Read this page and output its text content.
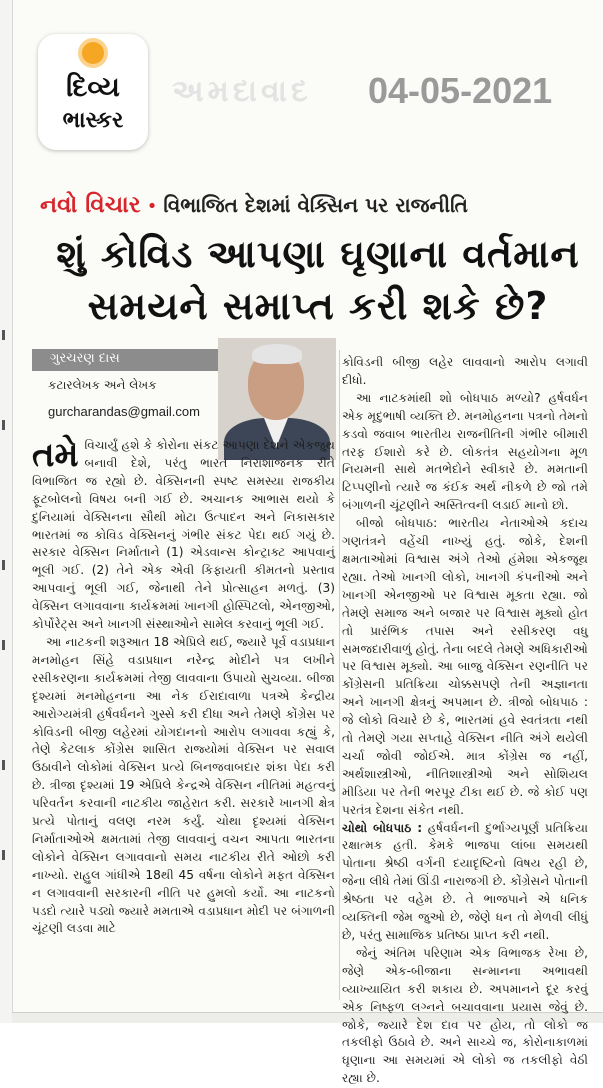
દિવ્ય
ભાસ્કર
અમદાવાદ 04-05-2021
નવો વિચાર • વિભાજિત દેશમાં વેક્સિન પર રાજનીતિ
શું કોવિડ આપણા ઘૃણાના વર્તમાન
સમયને સમાપ્ત કરી શકે છે?
ગુરચરણ દાસ
કટારલેખક અને લેખક
gurcharandas@gmail.com

તમે વિચાર્યું હશે કે કોરોના સંકટ આપણા દેશને એકજુથ બનાવી દેશે, પરંતુ ભારત નિરાશાજનક રીતે વિભાજિત જ રહ્યો છે. વેક્સિનની સ્પષ્ટ સમસ્યા રાજકીય ફૂટબોલનો વિષય બની ગઈ છે. અચાનક આભાસ થયો કે દુનિયામાં વેક્સિનના સૌથી મોટા ઉત્પાદન અને નિકાસકાર ભારતમાં જ કોવિડ વેક્સિનનું ગંભીર સંકટ પેદા થઈ ગયું છે. સરકાર વેક્સિન નિર્માતાને (1) એડવાન્સ કોન્ટ્રાક્ટ આપવાનું ભૂલી ગઈ. (2) તેને એક એવી કિફાયતી કીમતનો પ્રસ્તાવ આપવાનું ભૂલી ગઈ, જેનાથી તેને પ્રોત્સાહન મળતું. (3) વેક્સિન લગાવવાના કાર્યક્રમમાં ખાનગી હોસ્પિટલો, એનજીઓ, કોર્પોરેટ્સ અને ખાનગી સંસ્થાઓને સામેલ કરવાનું ભૂલી ગઈ.

આ નાટકની શરૂઆત 18 એપ્રિલે થઈ, જ્યારે પૂર્વ વડાપ્રધાન મનમોહન સિંહે વડાપ્રધાન નરેન્દ્ર મોદીને પત્ર લખીને રસીકરણના કાર્યક્રમમાં તેજી લાવવાના ઉપાયો સુચવ્યા. બીજા દૃશ્યમાં મનમોહનના આ નેક ઈરાદાવાળા પત્રએ કેન્દ્રીય આરોગ્યમંત્રી હર્ષવર્ધનને ગુસ્સે કરી દીધા અને તેમણે કોંગ્રેસ પર કોવિડની બીજી લહેરમાં યોગદાનનો આરોપ લગાવવા કહ્યું કે, તેણે કેટલાક કોંગ્રેસ શાસિત રાજ્યોમાં વેક્સિન પર સવાલ ઉઠાવીને લોકોમાં વેક્સિન પ્રત્યે બિનજવાબદાર શંકા પેદા કરી છે. ત્રીજા દૃશ્યમાં 19 એપ્રિલે કેન્દ્રએ વેક્સિન નીતિમાં મહત્વનું પરિવર્તન કરવાની નાટકીય જાહેરાત કરી. સરકારે ખાનગી ક્ષેત્ર પ્રત્યે પોતાનું વલણ નરમ કર્યું. ચોથા દૃશ્યમાં વેક્સિન નિર્માતાઓએ ક્ષમતામાં તેજી લાવવાનું વચન આપતા ભારતના લોકોને વેક્સિન લગાવવાનો સમય નાટકીય રીતે ઓછો કરી નાખ્યો. રાહુલ ગાંધીએ 18થી 45 વર્ષના લોકોને મફત વેક્સિન ન લગાવવાની સરકારની નીતિ પર હુમલો કર્યો. આ નાટકનો પડદો ત્યારે પડ્યો જ્યારે મમતાએ વડાપ્રધાન મોદી પર બંગાળની ચૂંટણી લડવા માટે

કોવિડની બીજી લહેર લાવવાનો આરોપ લગાવી દીધો.

આ નાટકમાંથી શો બોધપાઠ મળ્યો? હર્ષવર્ધન એક મૃદુભાષી વ્યક્તિ છે. મનમોહનના પત્રનો તેમનો કડવો જવાબ ભારતીય રાજનીતિની ગંભીર બીમારી તરફ ઈશારો કરે છે. લોકતંત્ર સહયોગના મૂળ નિયમની સાથે મતભેદોને સ્વીકારે છે. મમતાની ટિપ્પણીનો ત્યારે જ કંઈક અર્થ નીકળે છે જો તમે બંગાળની ચૂંટણીને અસ્તિત્વની લડાઈ માનો છો.

બીજો બોધપાઠ: ભારતીય નેતાઓએ કદાચ ગણતંત્રને વહેંચી નાખ્યું હતું. જોકે, દેશની ક્ષમતાઓમાં વિશ્વાસ અંગે તેઓ હંમેશા એકજૂથ રહ્યા. તેઓ ખાનગી લોકો, ખાનગી કંપનીઓ અને ખાનગી એનજીઓ પર વિશ્વાસ મૂકતા રહ્યા. જો તેમણે સમાજ અને બજાર પર વિશ્વાસ મૂક્યો હોત તો પ્રારંભિક તપાસ અને રસીકરણ વધુ સમજદારીવાળું હોતું. તેના બદલે તેમણે અધિકારીઓ પર વિશ્વાસ મૂક્યો. આ બાજુ વેક્સિન રણનીતિ પર કોંગ્રેસની પ્રતિક્રિયા ચોક્કસપણે તેની અજ્ઞાનતા અને ખાનગી ક્ષેત્રનું અપમાન છે. ત્રીજો બોધપાઠ : જે લોકો વિચારે છે કે, ભારતમાં હવે સ્વતંત્રતા નથી તો તેમણે ગયા સપ્તાહે વેક્સિન નીતિ અંગે થયેલી ચર્ચા જોવી જોઈએ. માત્ર કોંગ્રેસ જ નહીં, અર્થશાસ્ત્રીઓ, નીતિશાસ્ત્રીઓ અને સોશિયલ મીડિયા પર તેની ભરપૂર ટીકા થઈ છે. જે કોઈ પણ પરતંત્ર દેશના સંકેત નથી.

ચોથો બોધપાઠ : હર્ષવર્ધનની દુર્ભાગ્યપૂર્ણ પ્રતિક્રિયા રક્ષાત્મક હતી. કેમકે ભાજપા લાંબા સમયથી પોતાના શ્રેષ્ઠી વર્ગની દયાદૃષ્ટિનો વિષય રહી છે, જેના લીધે તેમાં ઊંડી નારાજગી છે. કોંગ્રેસને પોતાની શ્રેષ્ઠતા પર વહેમ છે. તે ભાજપાને એ ધનિક વ્યક્તિની જેમ જુઓ છે, જેણે ધન તો મેળવી લીધું છે, પરંતુ સામાજિક પ્રતિષ્ઠા પ્રાપ્ત કરી નથી.

જેનું અંતિમ પરિણામ એક વિભાજક રેખા છે, જેણે એક-બીજાના સન્માનના અભાવથી વ્યાખ્યાયિત કરી શકાય છે. અપમાનને દૂર કરવું એક નિષ્ફળ લગ્નને બચાવવાના પ્રયાસ જેવું છે. જોકે, જ્યારે દેશ દાવ પર હોય, તો લોકો જ તકલીફો ઉઠાવે છે. અને સાચ્ચે જ, કોરોનાકાળમાં ઘૃણાના આ સમયમાં એ લોકો જ તકલીફો વેઠી રહ્યા છે.
